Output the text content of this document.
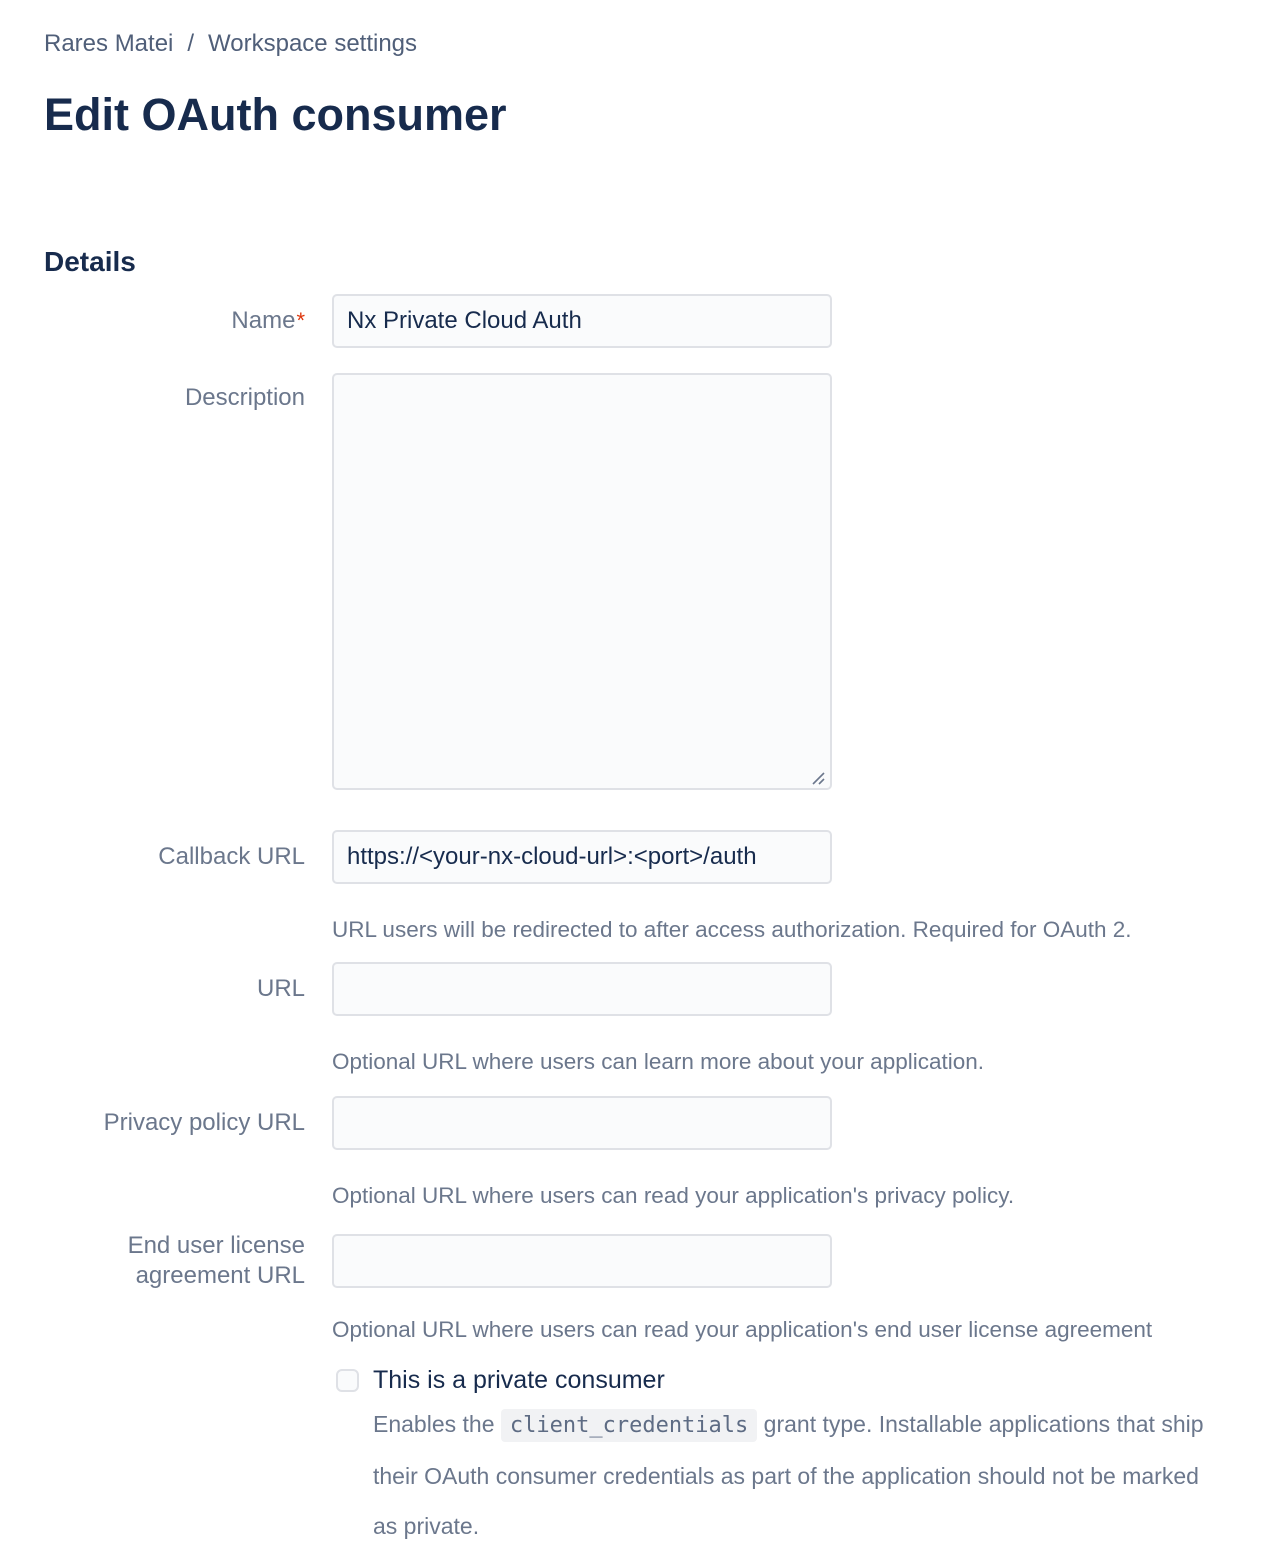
Rares Matei / Workspace settings
Edit OAuth consumer
Details
Name*
Nx Private Cloud Auth
Description
Callback URL
https://<your-nx-cloud-url>:<port>/auth
URL users will be redirected to after access authorization. Required for OAuth 2.
URL
Optional URL where users can learn more about your application.
Privacy policy URL
Optional URL where users can read your application's privacy policy.
End user license agreement URL
Optional URL where users can read your application's end user license agreement
This is a private consumer
Enables the client_credentials grant type. Installable applications that ship their OAuth consumer credentials as part of the application should not be marked as private.
